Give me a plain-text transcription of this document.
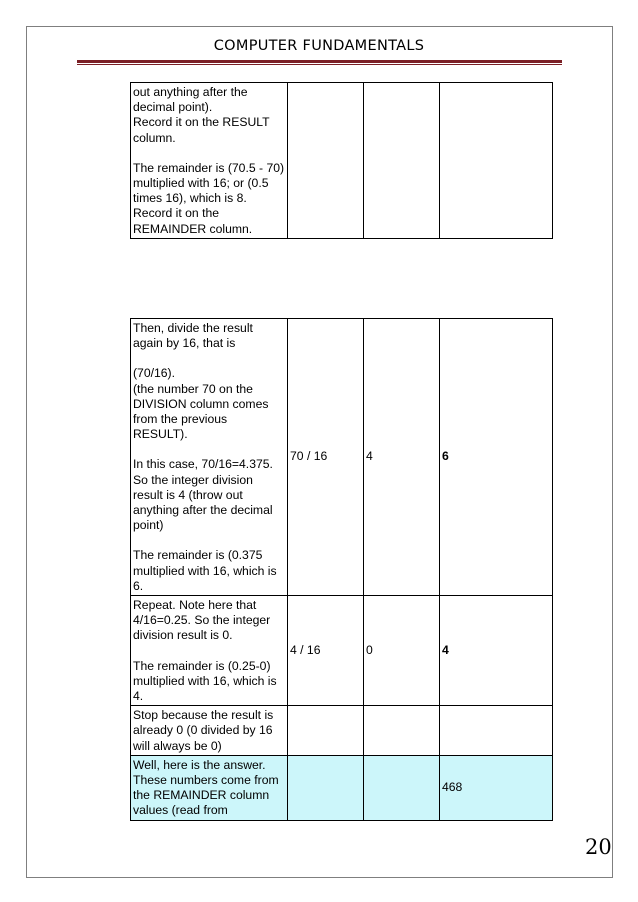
COMPUTER FUNDAMENTALS

out anything after the decimal point).

Record it on the RESULT column.

The remainder is (70.5 - 70) multiplied with 16; or (0.5 times 16), which is 8.

Record it on the REMAINDER column.

Then, divide the result again by 16, that is

(70/16).

(the number 70 on the DIVISION column comes from the previous RESULT).

In this case, 70/16=4.375. So the integer division result is 4 (throw out anything after the decimal point)

The remainder is (0.375 multiplied with 16, which is 6.	70 / 16	4	6

Repeat. Note here that 4/16=0.25. So the integer division result is 0.

The remainder is (0.25-0) multiplied with 16, which is 4.	4 / 16	0	4

Stop because the result is already 0 (0 divided by 16 will always be 0)			

Well, here is the answer. These numbers come from the REMAINDER column values (read from			468
20
